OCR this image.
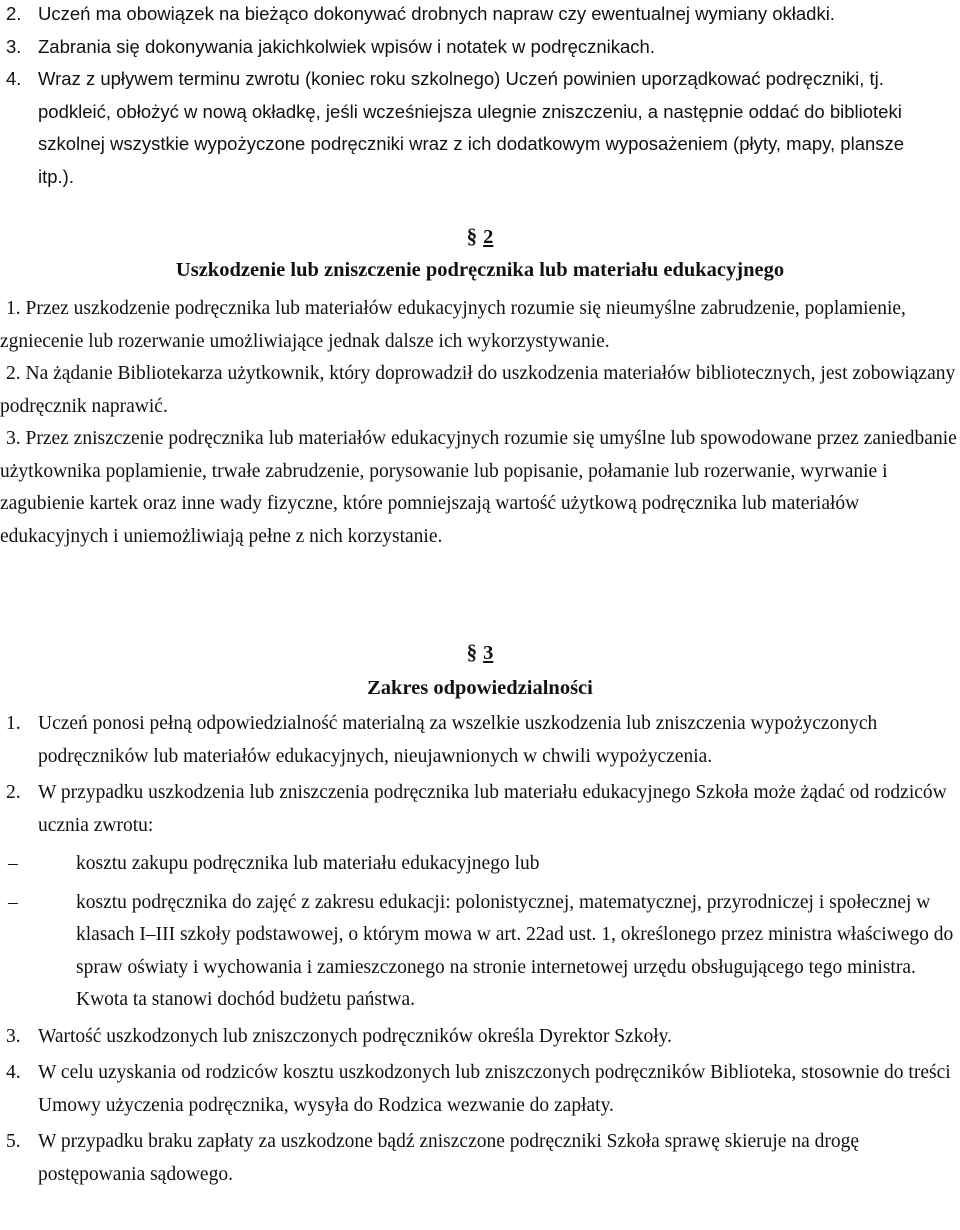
2. Uczeń ma obowiązek na bieżąco dokonywać drobnych napraw czy ewentualnej wymiany okładki.
3. Zabrania się dokonywania jakichkolwiek wpisów i notatek w podręcznikach.
4. Wraz z upływem terminu zwrotu (koniec roku szkolnego) Uczeń powinien uporządkować podręczniki, tj. podkleić, obłożyć w nową okładkę, jeśli wcześniejsza ulegnie zniszczeniu, a następnie oddać do biblioteki szkolnej wszystkie wypożyczone podręczniki wraz z ich dodatkowym wyposażeniem (płyty, mapy, plansze itp.).
§ 2
Uszkodzenie lub zniszczenie podręcznika lub materiału edukacyjnego
1. Przez uszkodzenie podręcznika lub materiałów edukacyjnych rozumie się nieumyślne zabrudzenie, poplamienie, zgniecenie lub rozerwanie umożliwiające jednak dalsze ich wykorzystywanie.
2. Na żądanie Bibliotekarza użytkownik, który doprowadził do uszkodzenia materiałów bibliotecznych, jest zobowiązany podręcznik naprawić.
3. Przez zniszczenie podręcznika lub materiałów edukacyjnych rozumie się umyślne lub spowodowane przez zaniedbanie użytkownika poplamienie, trwałe zabrudzenie, porysowanie lub popisanie, połamanie lub rozerwanie, wyrwanie i zagubienie kartek oraz inne wady fizyczne, które pomniejszają wartość użytkową podręcznika lub materiałów edukacyjnych i uniemożliwiają pełne z nich korzystanie.
§ 3
Zakres odpowiedzialności
1. Uczeń ponosi pełną odpowiedzialność materialną za wszelkie uszkodzenia lub zniszczenia wypożyczonych podręczników lub materiałów edukacyjnych, nieujawnionych w chwili wypożyczenia.
2. W przypadku uszkodzenia lub zniszczenia podręcznika lub materiału edukacyjnego Szkoła może żądać od rodziców ucznia zwrotu:
–	kosztu zakupu podręcznika lub materiału edukacyjnego lub
–	kosztu podręcznika do zajęć z zakresu edukacji: polonistycznej, matematycznej, przyrodniczej i społecznej w klasach I–III szkoły podstawowej, o którym mowa w art. 22ad ust. 1, określonego przez ministra właściwego do spraw oświaty i wychowania i zamieszczonego na stronie internetowej urzędu obsługującego tego ministra. Kwota ta stanowi dochód budżetu państwa.
3. Wartość uszkodzonych lub zniszczonych podręczników określa Dyrektor Szkoły.
4. W celu uzyskania od rodziców kosztu uszkodzonych lub zniszczonych podręczników Biblioteka, stosownie do treści Umowy użyczenia podręcznika, wysyła do Rodzica wezwanie do zapłaty.
5. W przypadku braku zapłaty za uszkodzone bądź zniszczone podręczniki Szkoła sprawę skieruje na drogę postępowania sądowego.
